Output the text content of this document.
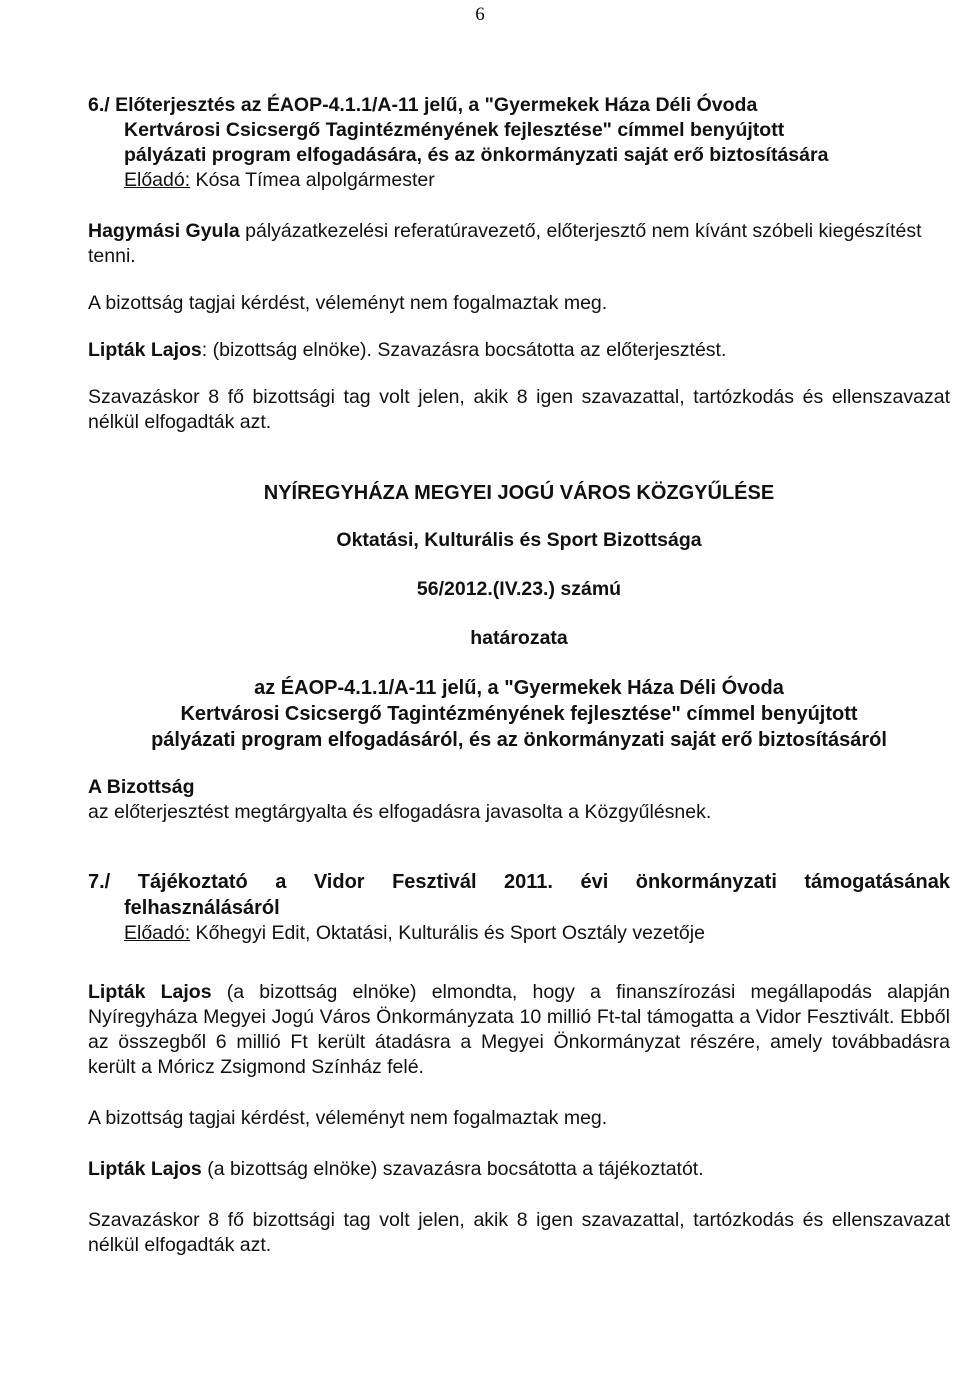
6

6./ Előterjesztés az ÉAOP-4.1.1/A-11 jelű, a "Gyermekek Háza Déli Óvoda
Kertvárosi Csicsergő Tagintézményének fejlesztése" címmel benyújtott
pályázati program elfogadására, és az önkormányzati saját erő biztosítására

Előadó: Kósa Tímea alpolgármester

Hagymási Gyula pályázatkezelési referatúravezető, előterjesztő nem kívánt szóbeli kiegészítést tenni.

A bizottság tagjai kérdést, véleményt nem fogalmaztak meg.

Lipták Lajos: (bizottság elnöke). Szavazásra bocsátotta az előterjesztést.

Szavazáskor 8 fő bizottsági tag volt jelen, akik 8 igen szavazattal, tartózkodás és ellenszavazat nélkül elfogadták azt.

NYÍREGYHÁZA MEGYEI JOGÚ VÁROS KÖZGYŰLÉSE

Oktatási, Kulturális és Sport Bizottsága

56/2012.(IV.23.) számú

határozata

az ÉAOP-4.1.1/A-11 jelű, a "Gyermekek Háza Déli Óvoda
Kertvárosi Csicsergő Tagintézményének fejlesztése" címmel benyújtott
pályázati program elfogadásáról, és az önkormányzati saját erő biztosításáról

A Bizottság

az előterjesztést megtárgyalta és elfogadásra javasolta a Közgyűlésnek.

7./ Tájékoztató a Vidor Fesztivál 2011. évi önkormányzati támogatásának

felhasználásáról

Előadó: Kőhegyi Edit, Oktatási, Kulturális és Sport Osztály vezetője

Lipták Lajos (a bizottság elnöke) elmondta, hogy a finanszírozási megállapodás alapján Nyíregyháza Megyei Jogú Város Önkormányzata 10 millió Ft-tal támogatta a Vidor Fesztivált. Ebből az összegből 6 millió Ft került átadásra a Megyei Önkormányzat részére, amely továbbadásra került a Móricz Zsigmond Színház felé.

A bizottság tagjai kérdést, véleményt nem fogalmaztak meg.

Lipták Lajos (a bizottság elnöke) szavazásra bocsátotta a tájékoztatót.

Szavazáskor 8 fő bizottsági tag volt jelen, akik 8 igen szavazattal, tartózkodás és ellenszavazat nélkül elfogadták azt.
